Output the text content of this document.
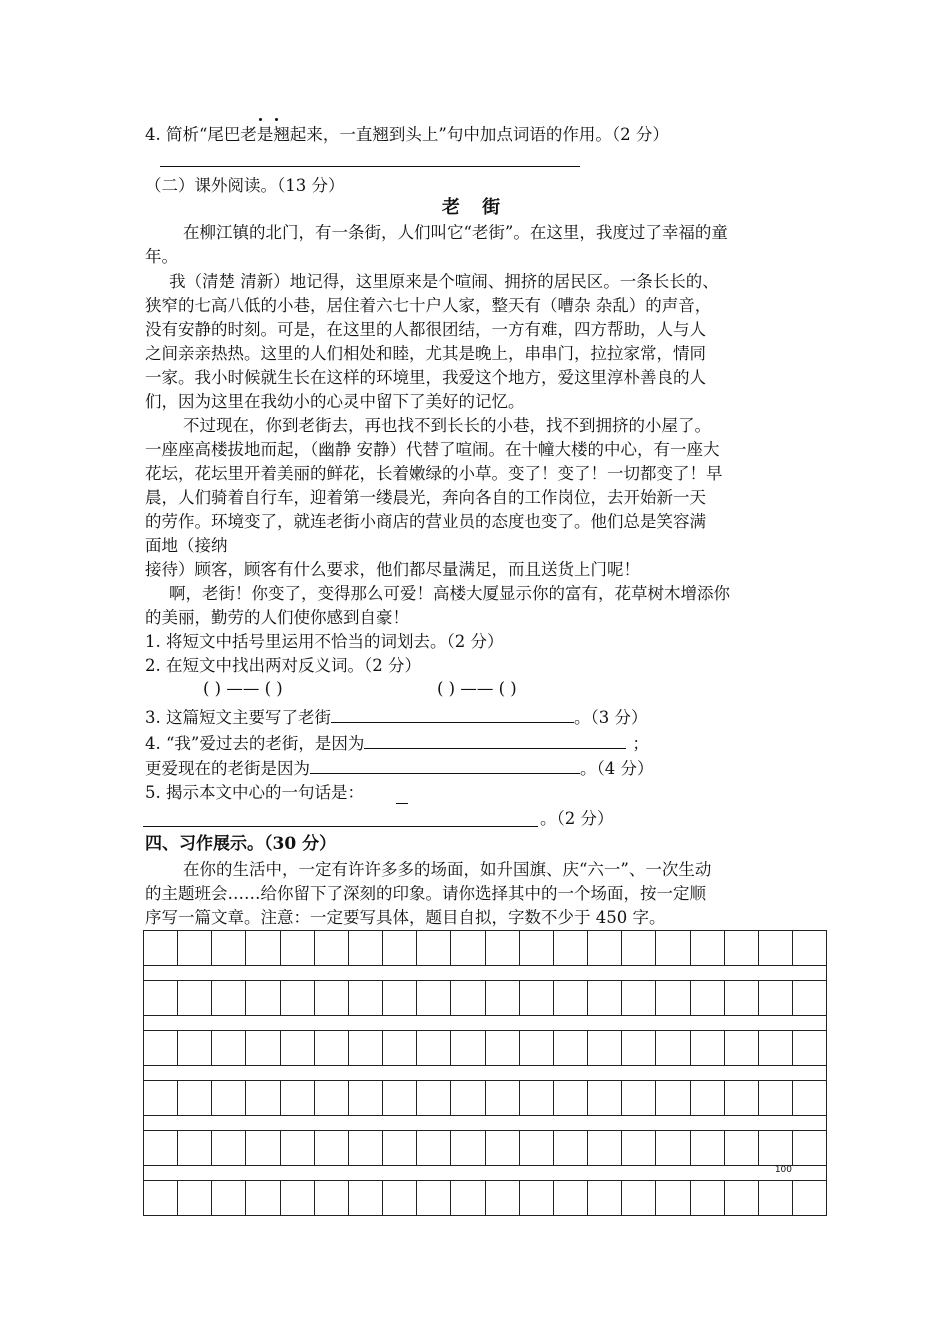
4. 简析“尾巴老是翘起来，一直翘到头上”句中加点词语的作用。（2 分）
（二）课外阅读。（13 分）
老 街
在柳江镇的北门，有一条街，人们叫它“老街”。在这里，我度过了幸福的童
年。
我（清楚 清新）地记得，这里原来是个喧闹、拥挤的居民区。一条长长的、
狭窄的七高八低的小巷，居住着六七十户人家，整天有（嘈杂 杂乱）的声音，
没有安静的时刻。可是，在这里的人都很团结，一方有难，四方帮助，人与人
之间亲亲热热。这里的人们相处和睦，尤其是晚上，串串门，拉拉家常，情同
一家。我小时候就生长在这样的环境里，我爱这个地方，爱这里淳朴善良的人
们，因为这里在我幼小的心灵中留下了美好的记忆。
不过现在，你到老街去，再也找不到长长的小巷，找不到拥挤的小屋了。
一座座高楼拔地而起，（幽静 安静）代替了喧闹。在十幢大楼的中心，有一座大
花坛，花坛里开着美丽的鲜花，长着嫩绿的小草。变了！变了！一切都变了！早
晨，人们骑着自行车，迎着第一缕晨光，奔向各自的工作岗位，去开始新一天
的劳作。环境变了，就连老街小商店的营业员的态度也变了。他们总是笑容满
面地（接纳
接待）顾客，顾客有什么要求，他们都尽量满足，而且送货上门呢！
啊，老街！你变了，变得那么可爱！高楼大厦显示你的富有，花草树木增添你
的美丽，勤劳的人们使你感到自豪！
1. 将短文中括号里运用不恰当的词划去。（2 分）
2. 在短文中找出两对反义词。（2 分）
( ) —— ( )	( ) —— ( )
3. 这篇短文主要写了老街	。（3 分）
4. “我”爱过去的老街，是因为	；
更爱现在的老街是因为	。（4 分）
5. 揭示本文中心的一句话是：
。（2 分）
四、习作展示。（30 分）
在你的生活中，一定有许许多多的场面，如升国旗、庆“六一”、一次生动
的主题班会……给你留下了深刻的印象。请你选择其中的一个场面，按一定顺
序写一篇文章。注意：一定要写具体，题目自拟，字数不少于 450 字。
100
